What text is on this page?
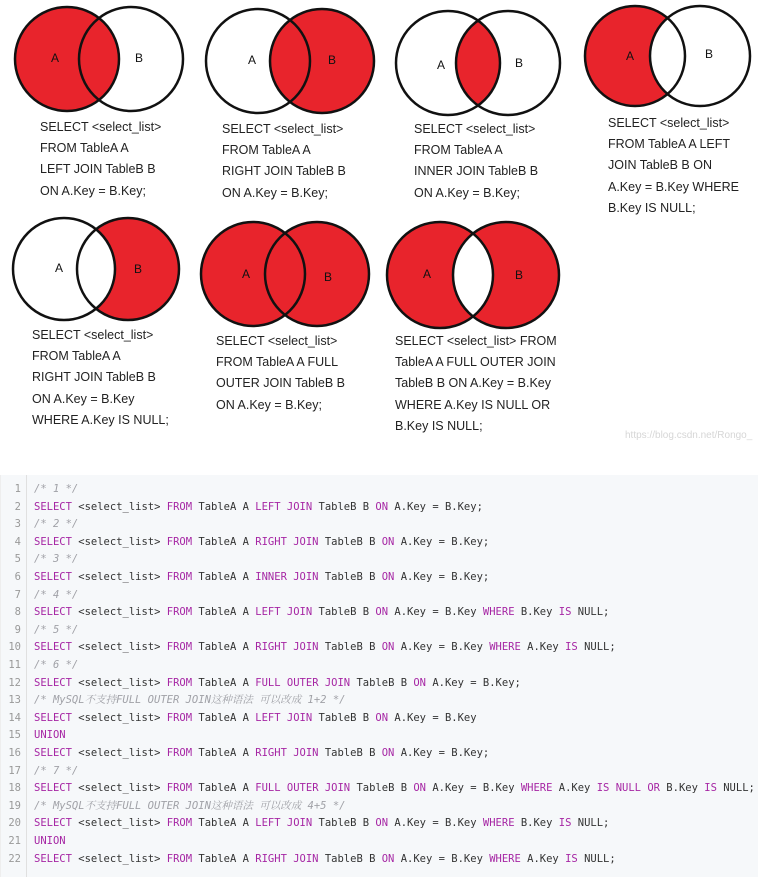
A	B
SELECT <select_list>
FROM TableA A
LEFT JOIN TableB B
ON A.Key = B.Key;
A	B
SELECT <select_list>
FROM TableA A
RIGHT JOIN TableB B
ON A.Key = B.Key;
A	B
SELECT <select_list>
FROM TableA A
INNER JOIN TableB B
ON A.Key = B.Key;
A	B
SELECT <select_list>
FROM TableA A LEFT
JOIN TableB B ON
A.Key = B.Key WHERE
B.Key IS NULL;
A	B
SELECT <select_list>
FROM TableA A
RIGHT JOIN TableB B
ON A.Key = B.Key
WHERE A.Key IS NULL;
A	B
SELECT <select_list>
FROM TableA A FULL
OUTER JOIN TableB B
ON A.Key = B.Key;
A	B
SELECT <select_list> FROM
TableA A FULL OUTER JOIN
TableB B ON A.Key = B.Key
WHERE A.Key IS NULL OR
B.Key IS NULL;
https://blog.csdn.net/Rongo_
1 /* 1 */
2 SELECT <select_list> FROM TableA A LEFT JOIN TableB B ON A.Key = B.Key;
3 /* 2 */
4 SELECT <select_list> FROM TableA A RIGHT JOIN TableB B ON A.Key = B.Key;
5 /* 3 */
6 SELECT <select_list> FROM TableA A INNER JOIN TableB B ON A.Key = B.Key;
7 /* 4 */
8 SELECT <select_list> FROM TableA A LEFT JOIN TableB B ON A.Key = B.Key WHERE B.Key IS NULL;
9 /* 5 */
10 SELECT <select_list> FROM TableA A RIGHT JOIN TableB B ON A.Key = B.Key WHERE A.Key IS NULL;
11 /* 6 */
12 SELECT <select_list> FROM TableA A FULL OUTER JOIN TableB B ON A.Key = B.Key;
13 /* MySQL不支持FULL OUTER JOIN这种语法 可以改成 1+2 */
14 SELECT <select_list> FROM TableA A LEFT JOIN TableB B ON A.Key = B.Key
15 UNION
16 SELECT <select_list> FROM TableA A RIGHT JOIN TableB B ON A.Key = B.Key;
17 /* 7 */
18 SELECT <select_list> FROM TableA A FULL OUTER JOIN TableB B ON A.Key = B.Key WHERE A.Key IS NULL OR B.Key IS NULL;
19 /* MySQL不支持FULL OUTER JOIN这种语法 可以改成 4+5 */
20 SELECT <select_list> FROM TableA A LEFT JOIN TableB B ON A.Key = B.Key WHERE B.Key IS NULL;
21 UNION
22 SELECT <select_list> FROM TableA A RIGHT JOIN TableB B ON A.Key = B.Key WHERE A.Key IS NULL;
